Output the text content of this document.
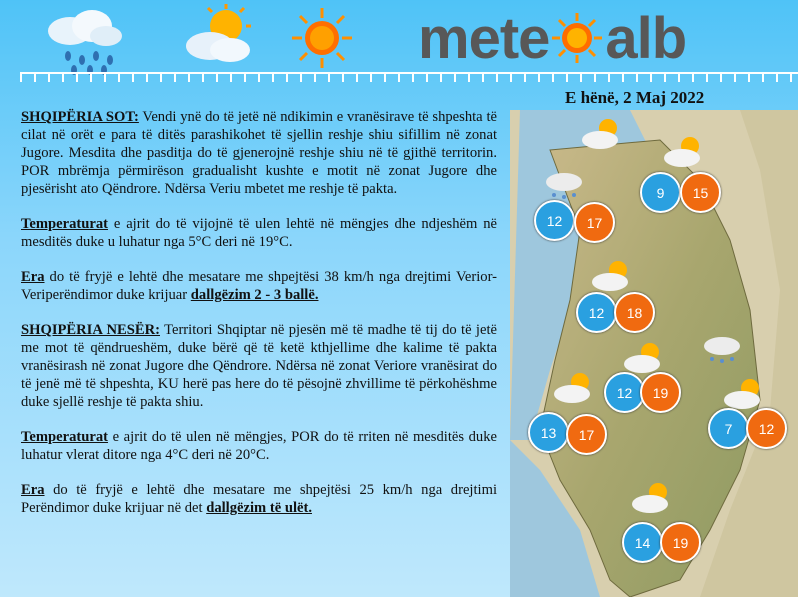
mete alb
E hënë, 2 Maj 2022

SHQIPËRIA SOT: Vendi ynë do të jetë në ndikimin e vranësirave të shpeshta të cilat në orët e para të ditës parashikohet të sjellin reshje shiu sifillim në zonat Jugore. Mesdita dhe pasditja do të gjenerojnë reshje shiu në të gjithë territorin. POR mbrëmja përmirëson gradualisht kushte e motit në zonat Jugore dhe pjesërisht ato Qëndrore. Ndërsa Veriu mbetet me reshje të pakta.

Temperaturat e ajrit do të vijojnë të ulen lehtë në mëngjes dhe ndjeshëm në mesditës duke u luhatur nga 5°C deri në 19°C.

Era do të fryjë e lehtë dhe mesatare me shpejtësi 38 km/h nga drejtimi Verior-Veriperëndimor duke krijuar dallgëzim 2 - 3 ballë.

SHQIPËRIA NESËR: Territori Shqiptar në pjesën më të madhe të tij do të jetë me mot të qëndrueshëm, duke bërë që të ketë kthjellime dhe kalime të pakta vranësirash në zonat Jugore dhe Qëndrore. Ndërsa në zonat Veriore vranësirat do të jenë më të shpeshta, KU herë pas here do të pësojnë zhvillime të përkohëshme duke sjellë reshje të pakta shiu.

Temperaturat e ajrit do të ulen në mëngjes, POR do të rriten në mesditës duke luhatur vlerat ditore nga 4°C deri në 20°C.

Era do të fryjë e lehtë dhe mesatare me shpejtësi 25 km/h nga drejtimi Perëndimor duke krijuar në det dallgëzim të ulët.

12	17
9	15
12	18
12	19
13	17	7	12
14	19
